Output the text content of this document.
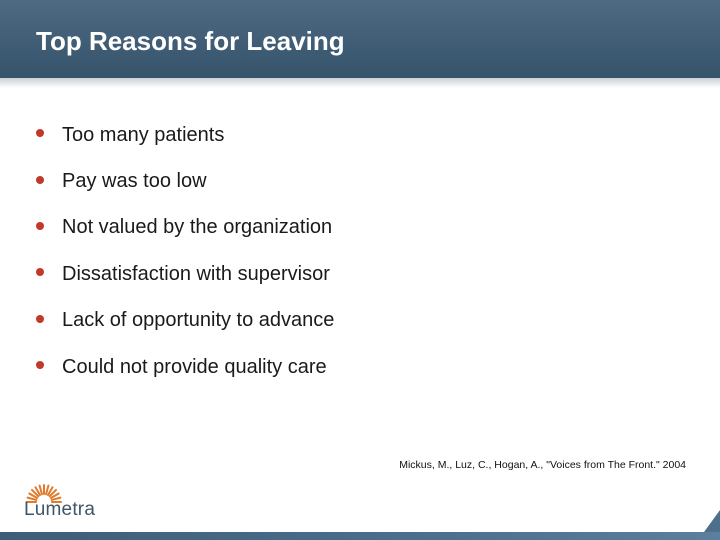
Top Reasons for Leaving
Too many patients
Pay was too low
Not valued by the organization
Dissatisfaction with supervisor
Lack of opportunity to advance
Could not provide quality care
Mickus, M., Luz, C., Hogan, A., "Voices from The Front." 2004
Lumetra
